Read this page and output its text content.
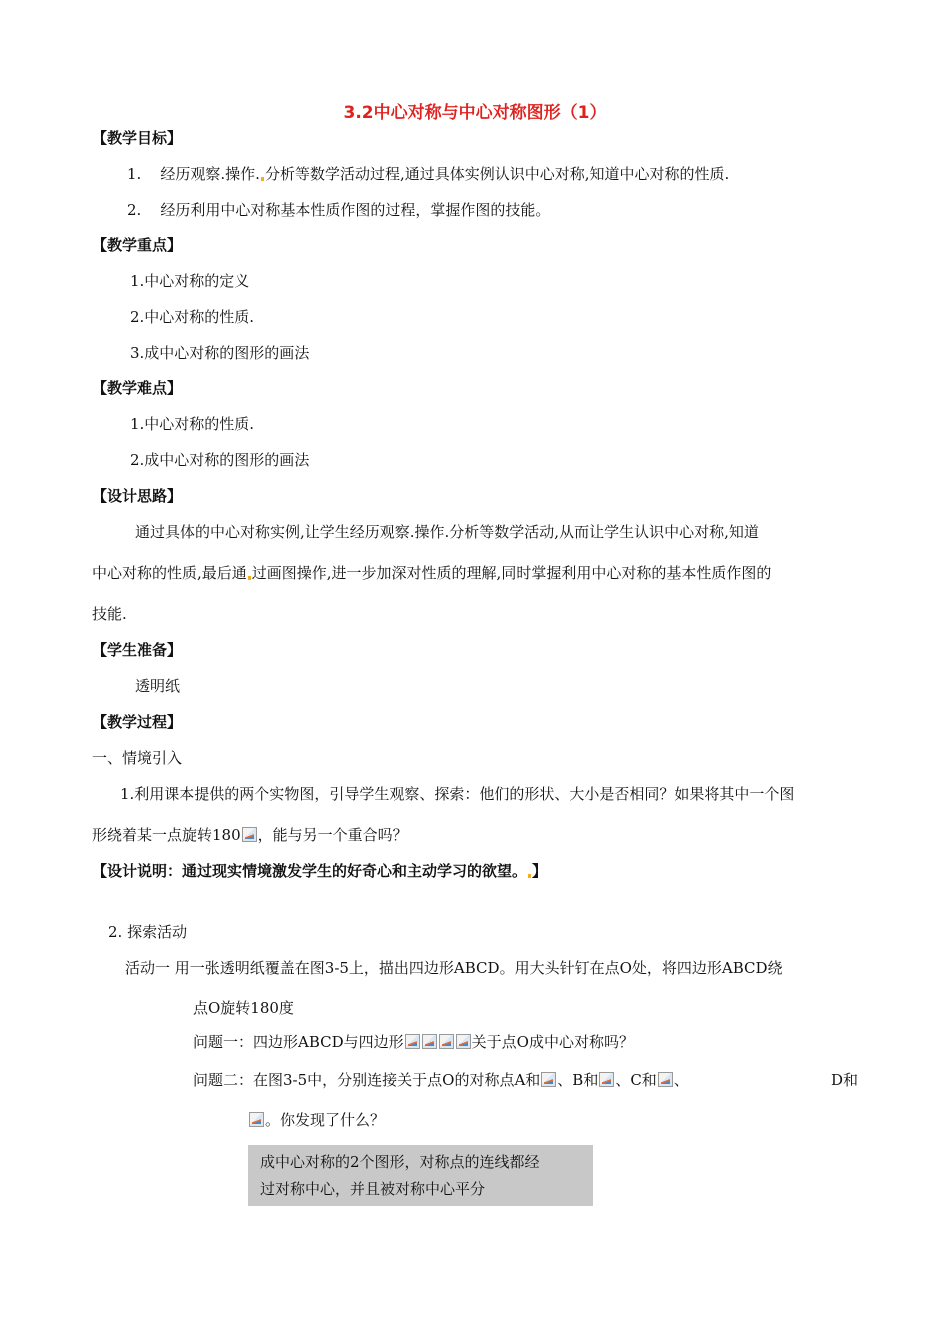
3.2中心对称与中心对称图形（1）
【教学目标】
1. 经历观察.操作. 分析等数学活动过程,通过具体实例认识中心对称,知道中心对称的性质.
2. 经历利用中心对称基本性质作图的过程，掌握作图的技能。
【教学重点】
1.中心对称的定义
2.中心对称的性质.
3.成中心对称的图形的画法
【教学难点】
1.中心对称的性质.
2.成中心对称的图形的画法
【设计思路】
通过具体的中心对称实例,让学生经历观察.操作.分析等数学活动,从而让学生认识中心对称,知道
中心对称的性质,最后通 过画图操作,进一步加深对性质的理解,同时掌握利用中心对称的基本性质作图的
技能.
【学生准备】
透明纸
【教学过程】
一、情境引入
1.利用课本提供的两个实物图，引导学生观察、探索：他们的形状、大小是否相同？如果将其中一个图
形绕着某一点旋转180 ，能与另一个重合吗？
【设计说明：通过现实情境激发学生的好奇心和主动学习的欲望。 】
2. 探索活动
活动一 用一张透明纸覆盖在图3-5上，描出四边形ABCD。用大头针钉在点O处，将四边形ABCD绕
点O旋转180度
问题一：四边形ABCD与四边形	关于点O成中心对称吗？
问题二：在图3-5中，分别连接关于点O的对称点A和 、B和 、C和 、	D和
。你发现了什么？
成中心对称的2个图形，对称点的连线都经
过对称中心，并且被对称中心平分
